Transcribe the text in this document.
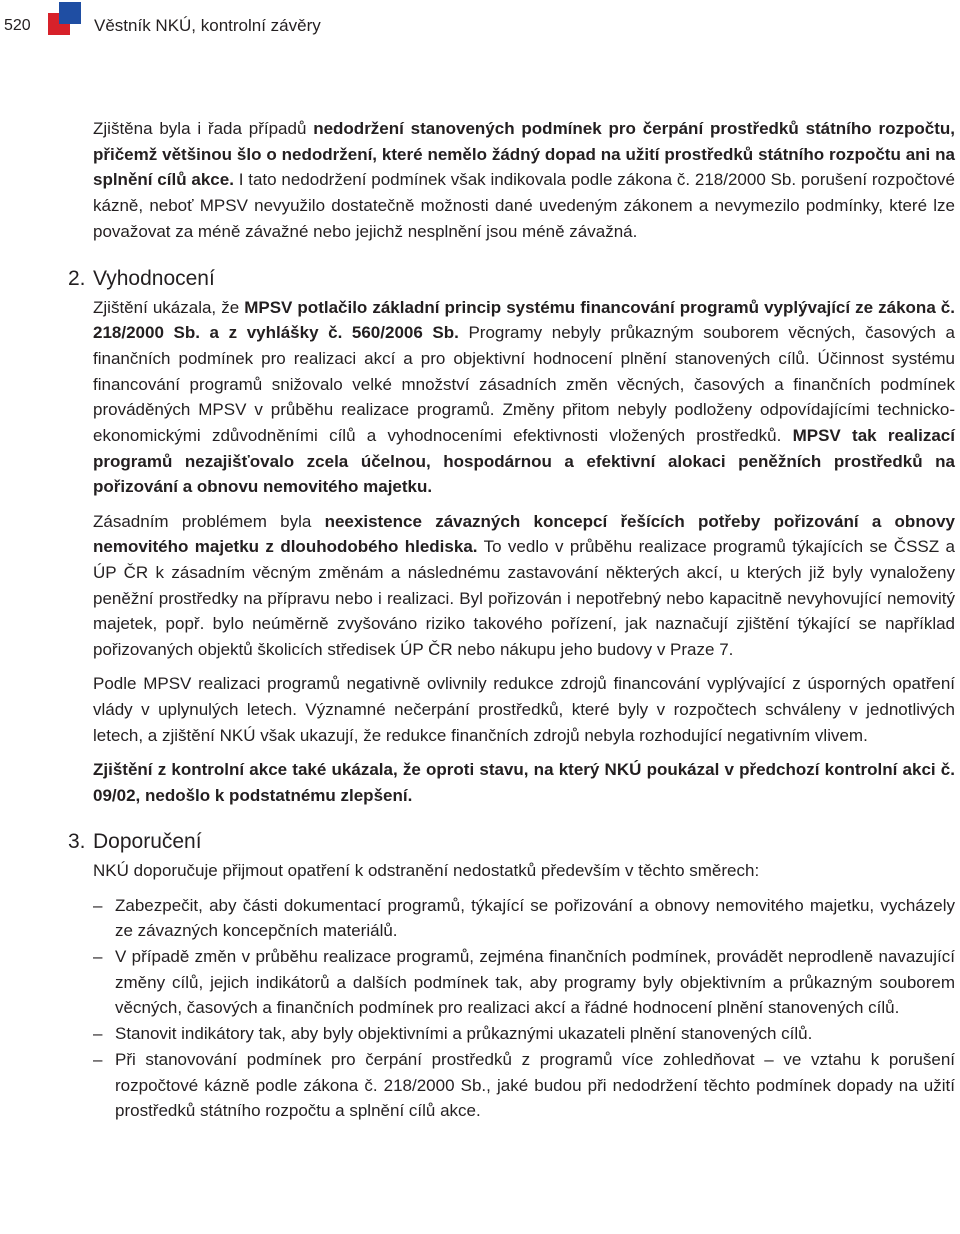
520	Věstník NKÚ, kontrolní závěry

Zjištěna byla i řada případů nedodržení stanovených podmínek pro čerpání prostředků státního rozpočtu, přičemž většinou šlo o nedodržení, které nemělo žádný dopad na užití prostředků státního rozpočtu ani na splnění cílů akce. I tato nedodržení podmínek však indikovala podle zákona č. 218/2000 Sb. porušení rozpočtové kázně, neboť MPSV nevyužilo dostatečně možnosti dané uvedeným zákonem a nevymezilo podmínky, které lze považovat za méně závažné nebo jejichž nesplnění jsou méně závažná.

2. Vyhodnocení

Zjištění ukázala, že MPSV potlačilo základní princip systému financování programů vyplývající ze zákona č. 218/2000 Sb. a z vyhlášky č. 560/2006 Sb. Programy nebyly průkazným souborem věcných, časových a finančních podmínek pro realizaci akcí a pro objektivní hodnocení plnění stanovených cílů. Účinnost systému financování programů snižovalo velké množství zásadních změn věcných, časových a finančních podmínek prováděných MPSV v průběhu realizace programů. Změny přitom nebyly podloženy odpovídajícími technicko-ekonomickými zdůvodněními cílů a vyhodnoceními efektivnosti vložených prostředků. MPSV tak realizací programů nezajišťovalo zcela účelnou, hospodárnou a efektivní alokaci peněžních prostředků na pořizování a obnovu nemovitého majetku.

Zásadním problémem byla neexistence závazných koncepcí řešících potřeby pořizování a obnovy nemovitého majetku z dlouhodobého hlediska. To vedlo v průběhu realizace programů týkajících se ČSSZ a ÚP ČR k zásadním věcným změnám a následnému zastavování některých akcí, u kterých již byly vynaloženy peněžní prostředky na přípravu nebo i realizaci. Byl pořizován i nepotřebný nebo kapacitně nevyhovující nemovitý majetek, popř. bylo neúměrně zvyšováno riziko takového pořízení, jak naznačují zjištění týkající se například pořizovaných objektů školicích středisek ÚP ČR nebo nákupu jeho budovy v Praze 7.

Podle MPSV realizaci programů negativně ovlivnily redukce zdrojů financování vyplývající z úsporných opatření vlády v uplynulých letech. Významné nečerpání prostředků, které byly v rozpočtech schváleny v jednotlivých letech, a zjištění NKÚ však ukazují, že redukce finančních zdrojů nebyla rozhodující negativním vlivem.

Zjištění z kontrolní akce také ukázala, že oproti stavu, na který NKÚ poukázal v předchozí kontrolní akci č. 09/02, nedošlo k podstatnému zlepšení.

3. Doporučení

NKÚ doporučuje přijmout opatření k odstranění nedostatků především v těchto směrech:

– Zabezpečit, aby části dokumentací programů, týkající se pořizování a obnovy nemovitého majetku, vycházely ze závazných koncepčních materiálů.
– V případě změn v průběhu realizace programů, zejména finančních podmínek, provádět neprodleně navazující změny cílů, jejich indikátorů a dalších podmínek tak, aby programy byly objektivním a průkazným souborem věcných, časových a finančních podmínek pro realizaci akcí a řádné hodnocení plnění stanovených cílů.
– Stanovit indikátory tak, aby byly objektivními a průkaznými ukazateli plnění stanovených cílů.
– Při stanovování podmínek pro čerpání prostředků z programů více zohledňovat – ve vztahu k porušení rozpočtové kázně podle zákona č. 218/2000 Sb., jaké budou při nedodržení těchto podmínek dopady na užití prostředků státního rozpočtu a splnění cílů akce.
